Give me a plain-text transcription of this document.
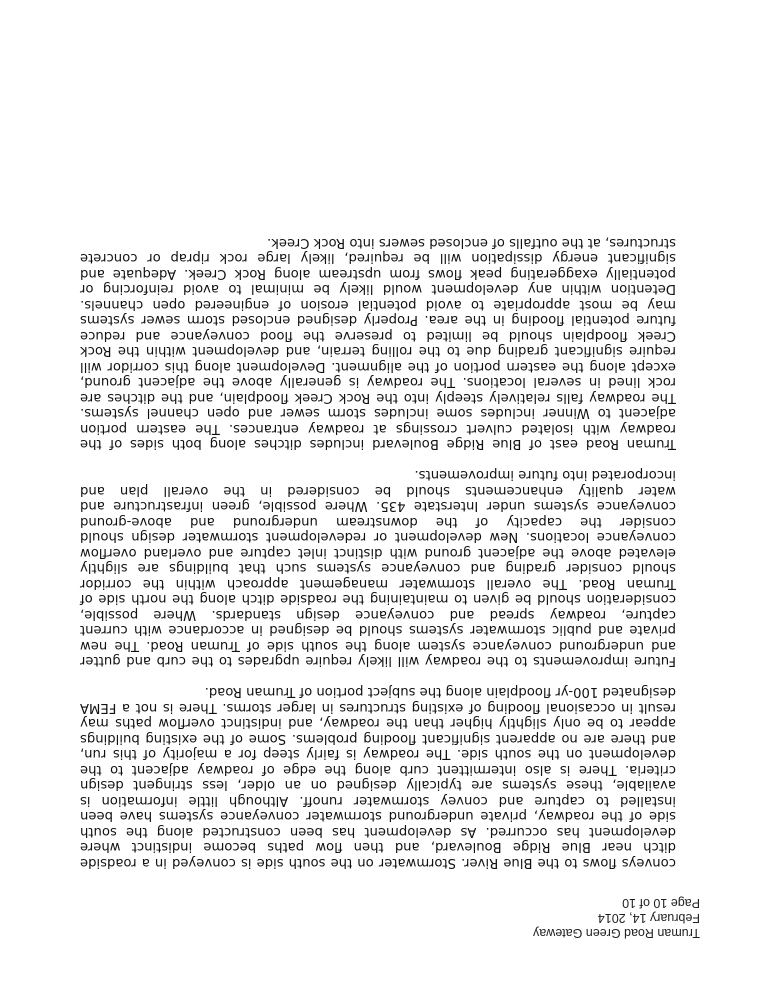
Truman Road Green Gateway
February 14, 2014
Page 10 of 10
conveys flows to the Blue River. Stormwater on the south side is conveyed in a roadside
ditch near Blue Ridge Boulevard, and then flow paths become indistinct where
development has occurred. As development has been constructed along the south
side of the roadway, private underground stormwater conveyance systems have been
installed to capture and convey stormwater runoff. Although little information is
available, these systems are typically designed on an older, less stringent design
criteria. There is also intermittent curb along the edge of roadway adjacent to the
development on the south side. The roadway is fairly steep for a majority of this run,
and there are no apparent significant flooding problems. Some of the existing buildings
appear to be only slightly higher than the roadway, and indistinct overflow paths may
result in occasional flooding of existing structures in larger storms. There is not a FEMA
designated 100-yr floodplain along the subject portion of Truman Road.
Future improvements to the roadway will likely require upgrades to the curb and gutter
and underground conveyance system along the south side of Truman Road. The new
private and public stormwater systems should be designed in accordance with current
capture, roadway spread and conveyance design standards. Where possible,
consideration should be given to maintaining the roadside ditch along the north side of
Truman Road. The overall stormwater management approach within the corridor
should consider grading and conveyance systems such that buildings are slightly
elevated above the adjacent ground with distinct inlet capture and overland overflow
conveyance locations. New development or redevelopment stormwater design should
consider the capacity of the downstream underground and above-ground
conveyance systems under Interstate 435. Where possible, green infrastructure and
water quality enhancements should be considered in the overall plan and
incorporated into future improvements.
Truman Road east of Blue Ridge Boulevard includes ditches along both sides of the
roadway with isolated culvert crossings at roadway entrances. The eastern portion
adjacent to Winner includes some includes storm sewer and open channel systems.
The roadway falls relatively steeply into the Rock Creek floodplain, and the ditches are
rock lined in several locations. The roadway is generally above the adjacent ground,
except along the eastern portion of the alignment. Development along this corridor will
require significant grading due to the rolling terrain, and development within the Rock
Creek floodplain should be limited to preserve the flood conveyance and reduce
future potential flooding in the area. Properly designed enclosed storm sewer systems
may be most appropriate to avoid potential erosion of engineered open channels.
Detention within any development would likely be minimal to avoid reinforcing or
potentially exaggerating peak flows from upstream along Rock Creek. Adequate and
significant energy dissipation will be required, likely large rock riprap or concrete
structures, at the outfalls of enclosed sewers into Rock Creek.
